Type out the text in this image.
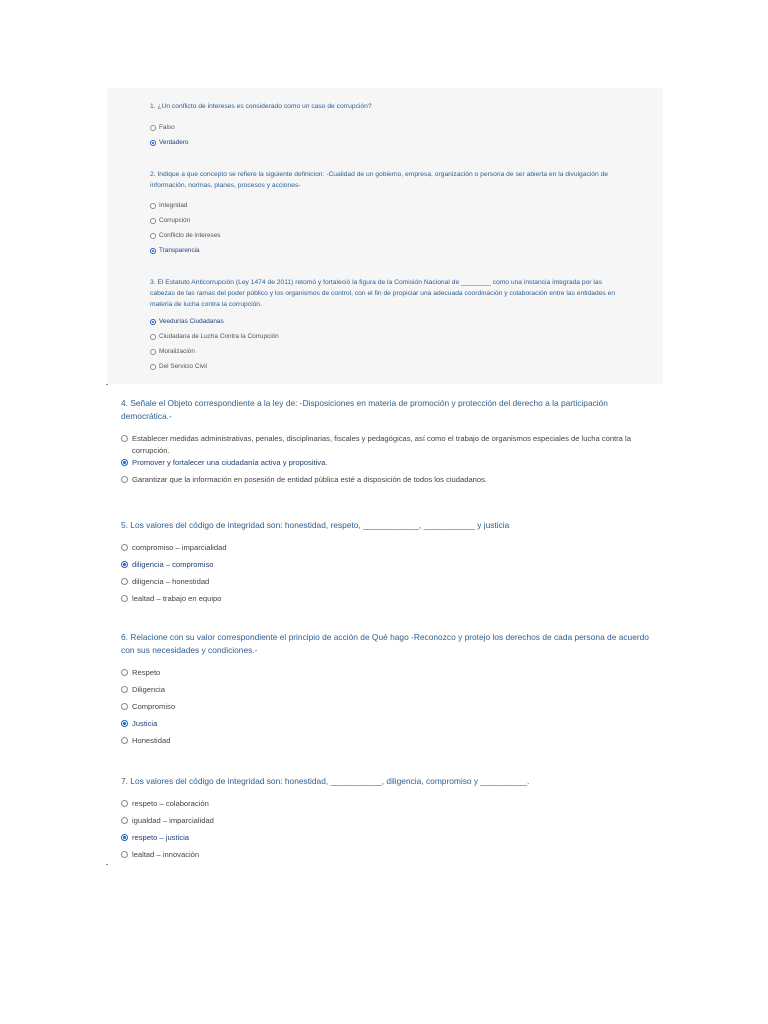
1. ¿Un conflicto de intereses es considerado como un caso de corrupción?

Falso
Verdadero

2. Indique a que concepto se refiere la siguiente definicion: -Cualidad de un gobierno, empresa, organización o persona de ser abierta en la divulgación de información, normas, planes, procesos y acciones-

Integridad
Corrupción
Conflicto de intereses
Transparencia

3. El Estatuto Anticorrupción (Ley 1474 de 2011) retomó y fortaleció la figura de la Comisión Nacional de ________ como una instancia integrada por las cabezas de las ramas del poder público y los organismos de control, con el fin de propiciar una adecuada coordinación y colaboración entre las entidades en materia de lucha contra la corrupción.

Veedurías Ciudadanas
Ciudadana de Lucha Contra la Corrupción
Moralización
Del Servicio Civil

4. Señale el Objeto correspondiente a la ley de: -Disposiciones en materia de promoción y protección del derecho a la participación democrática.-

Establecer medidas administrativas, penales, disciplinarias, fiscales y pedagógicas, así como el trabajo de organismos especiales de lucha contra la corrupción.
Promover y fortalecer una ciudadanía activa y propositiva.
Garantizar que la información en posesión de entidad pública esté a disposición de todos los ciudadanos.

5. Los valores del código de integridad son: honestidad, respeto, ____________, ___________ y justicia

compromiso – imparcialidad
diligencia – compromiso
diligencia – honestidad
lealtad – trabajo en equipo

6. Relacione con su valor correspondiente el principio de acción de Qué hago -Reconozco y protejo los derechos de cada persona de acuerdo con sus necesidades y condiciones.-

Respeto
Diligencia
Compromiso
Justicia
Honestidad

7. Los valores del código de integridad son: honestidad, ___________, diligencia, compromiso y __________.

respeto – colaboración
igualdad – imparcialidad
respeto – justicia
lealtad – innovación
